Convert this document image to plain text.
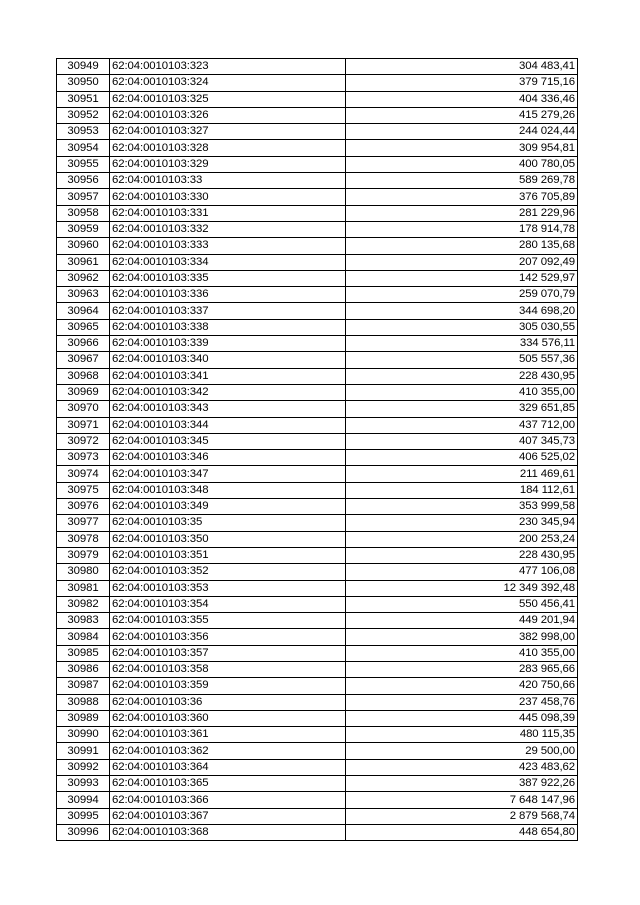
30949	62:04:0010103:323	304 483,41
30950	62:04:0010103:324	379 715,16
30951	62:04:0010103:325	404 336,46
30952	62:04:0010103:326	415 279,26
30953	62:04:0010103:327	244 024,44
30954	62:04:0010103:328	309 954,81
30955	62:04:0010103:329	400 780,05
30956	62:04:0010103:33	589 269,78
30957	62:04:0010103:330	376 705,89
30958	62:04:0010103:331	281 229,96
30959	62:04:0010103:332	178 914,78
30960	62:04:0010103:333	280 135,68
30961	62:04:0010103:334	207 092,49
30962	62:04:0010103:335	142 529,97
30963	62:04:0010103:336	259 070,79
30964	62:04:0010103:337	344 698,20
30965	62:04:0010103:338	305 030,55
30966	62:04:0010103:339	334 576,11
30967	62:04:0010103:340	505 557,36
30968	62:04:0010103:341	228 430,95
30969	62:04:0010103:342	410 355,00
30970	62:04:0010103:343	329 651,85
30971	62:04:0010103:344	437 712,00
30972	62:04:0010103:345	407 345,73
30973	62:04:0010103:346	406 525,02
30974	62:04:0010103:347	211 469,61
30975	62:04:0010103:348	184 112,61
30976	62:04:0010103:349	353 999,58
30977	62:04:0010103:35	230 345,94
30978	62:04:0010103:350	200 253,24
30979	62:04:0010103:351	228 430,95
30980	62:04:0010103:352	477 106,08
30981	62:04:0010103:353	12 349 392,48
30982	62:04:0010103:354	550 456,41
30983	62:04:0010103:355	449 201,94
30984	62:04:0010103:356	382 998,00
30985	62:04:0010103:357	410 355,00
30986	62:04:0010103:358	283 965,66
30987	62:04:0010103:359	420 750,66
30988	62:04:0010103:36	237 458,76
30989	62:04:0010103:360	445 098,39
30990	62:04:0010103:361	480 115,35
30991	62:04:0010103:362	29 500,00
30992	62:04:0010103:364	423 483,62
30993	62:04:0010103:365	387 922,26
30994	62:04:0010103:366	7 648 147,96
30995	62:04:0010103:367	2 879 568,74
30996	62:04:0010103:368	448 654,80
